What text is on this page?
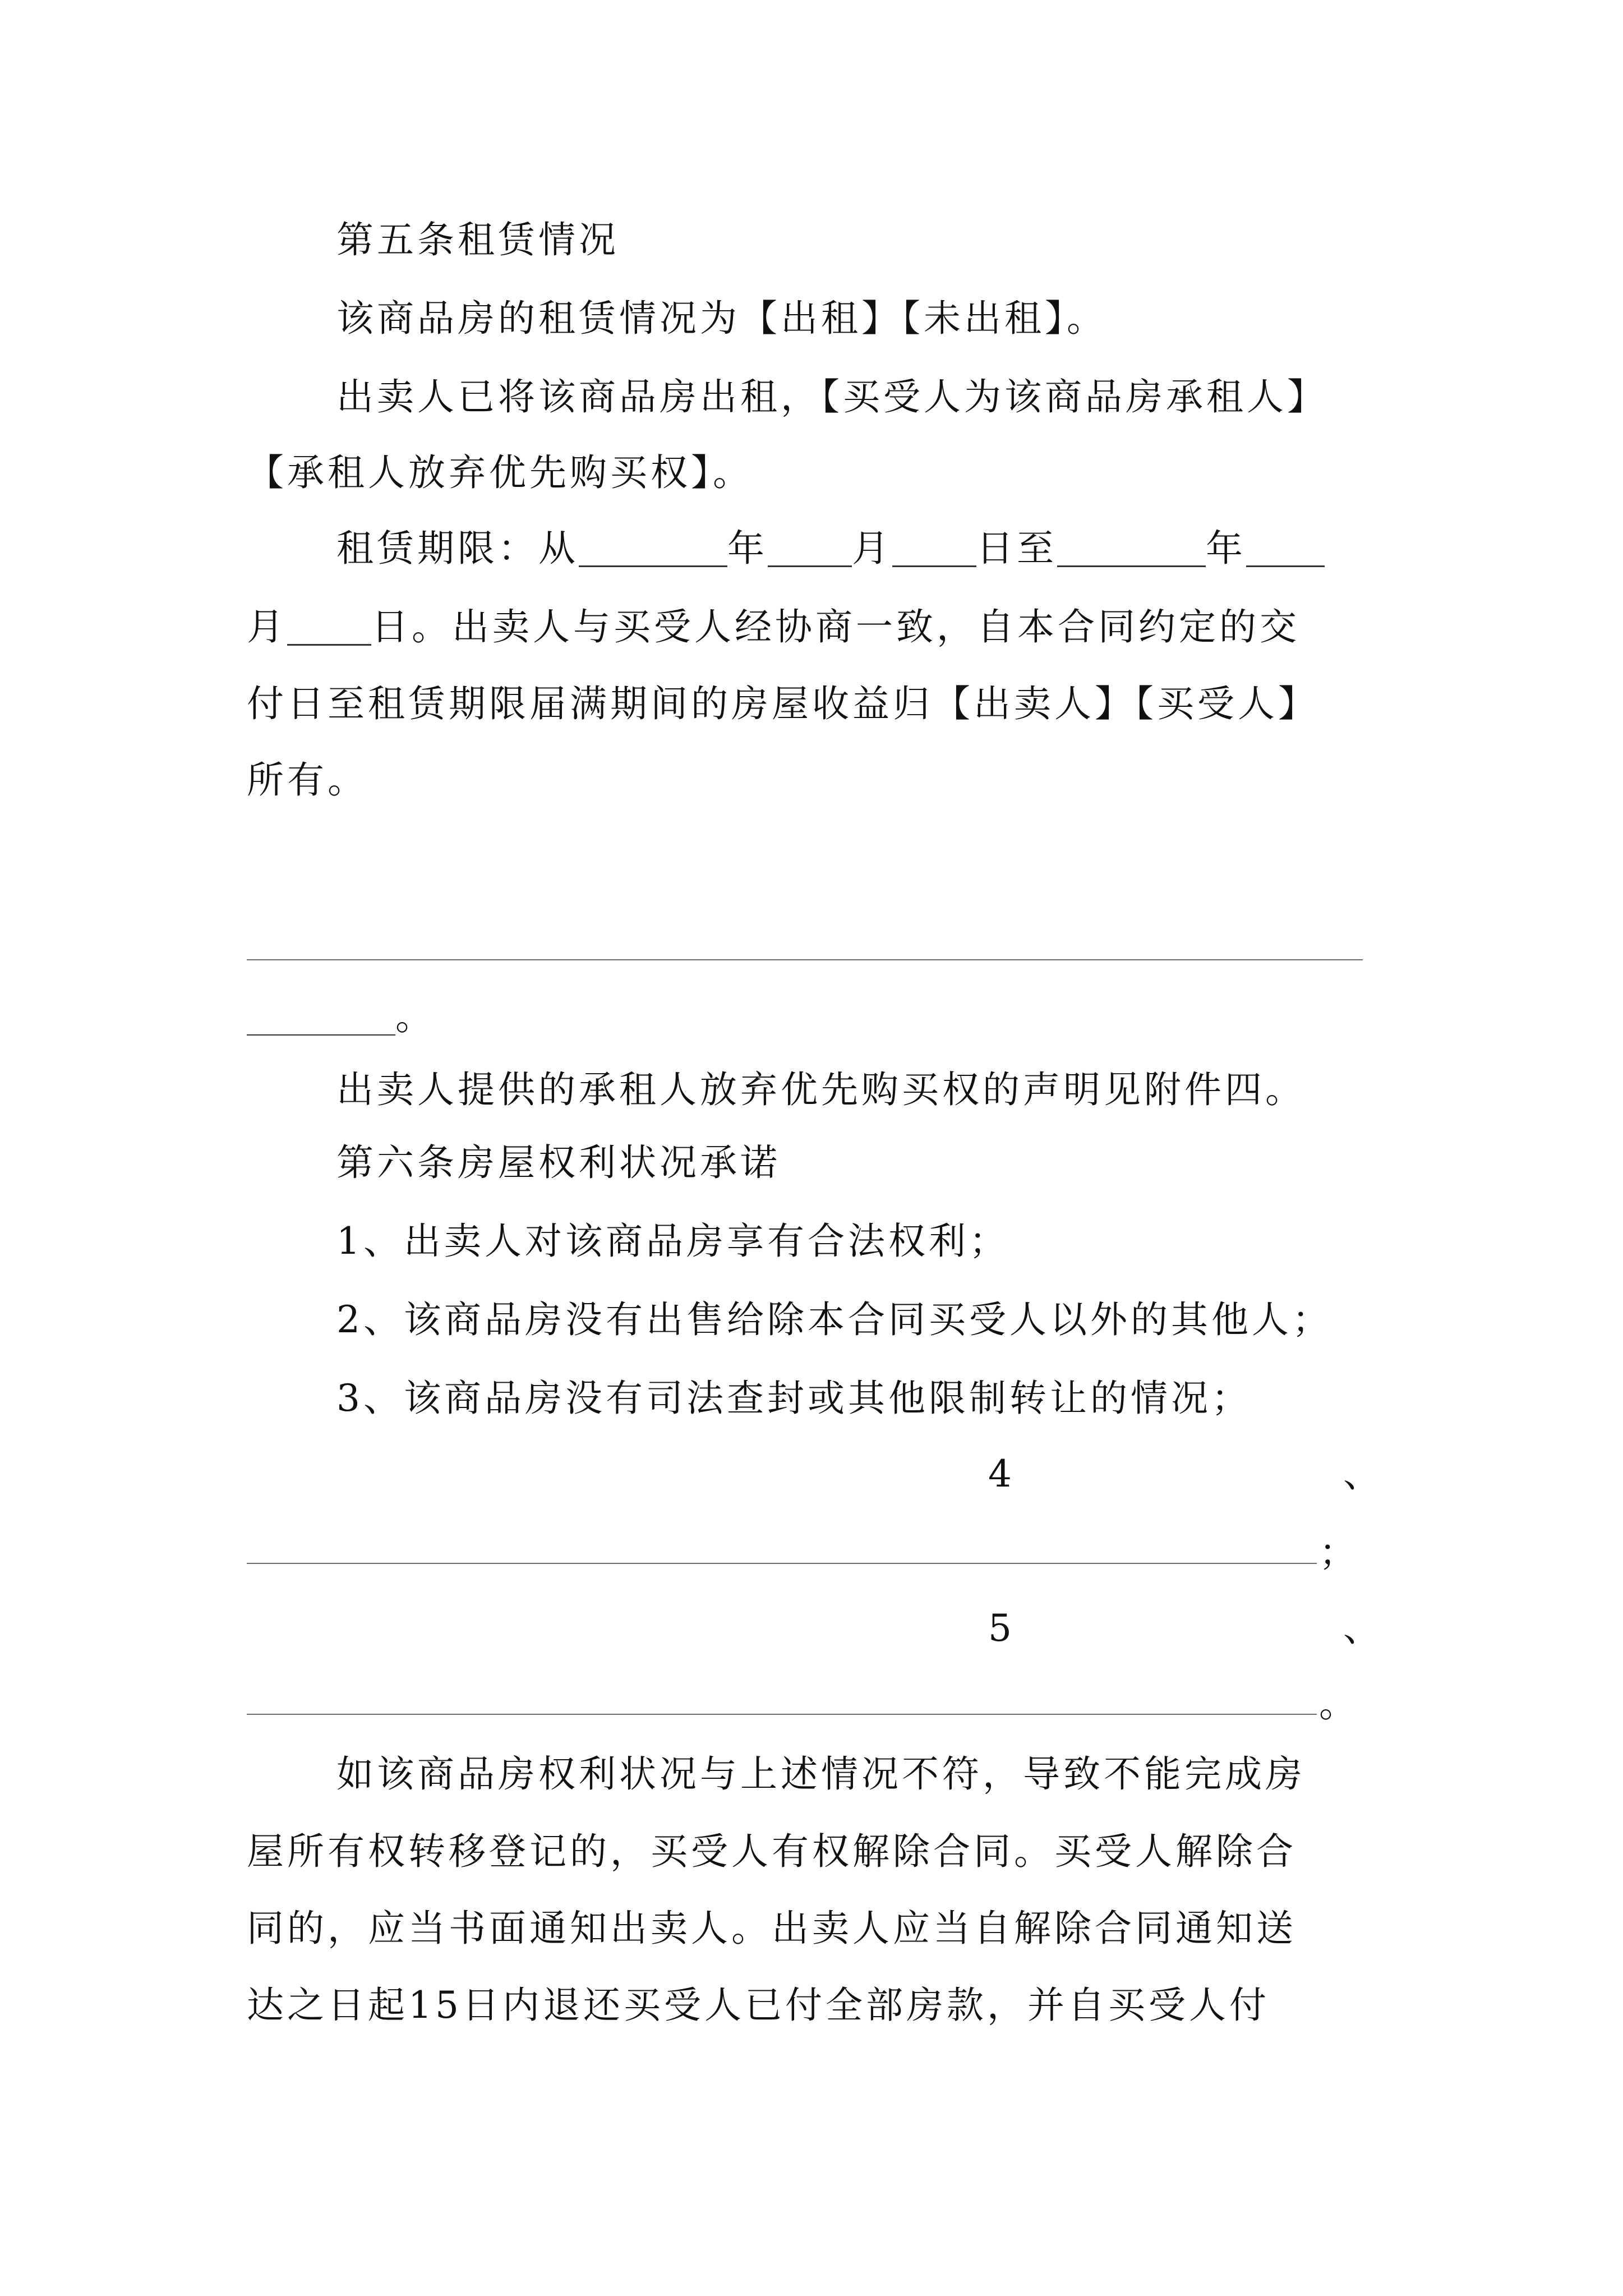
第五条租赁情况
该商品房的租赁情况为【出租】【未出租】。
出卖人已将该商品房出租，【买受人为该商品房承租人】
【承租人放弃优先购买权】。
租赁期限：从	年 月 日至	年
月 日。出卖人与买受人经协商一致，自本合同约定的交
付日至租赁期限届满期间的房屋收益归【出卖人】【买受人】
所有。
。
出卖人提供的承租人放弃优先购买权的声明见附件四。
第六条房屋权利状况承诺
1、出卖人对该商品房享有合法权利；
2、该商品房没有出售给除本合同买受人以外的其他人；
3、该商品房没有司法查封或其他限制转让的情况；
4	、
；
5	、
。
如该商品房权利状况与上述情况不符，导致不能完成房
屋所有权转移登记的，买受人有权解除合同。买受人解除合
同的，应当书面通知出卖人。出卖人应当自解除合同通知送
达之日起15日内退还买受人已付全部房款，并自买受人付
